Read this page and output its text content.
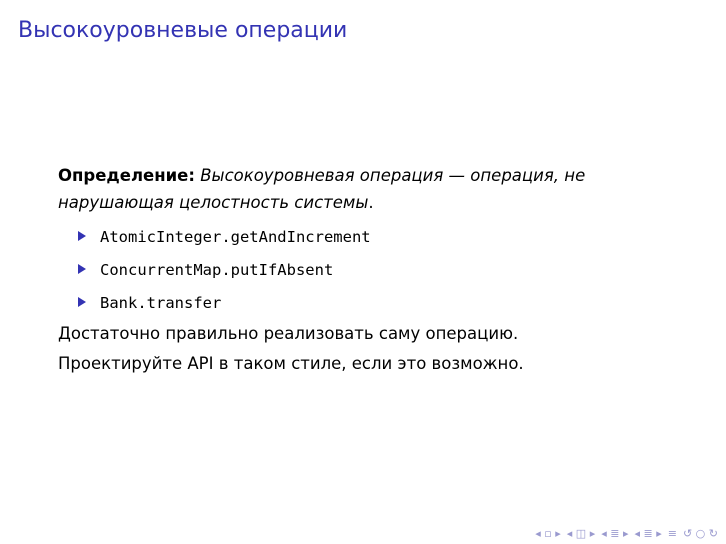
Высокоуровневые операции
Определение: Высокоуровневая операция — операция, не нарушающая целостность системы.
AtomicInteger.getAndIncrement
ConcurrentMap.putIfAbsent
Bank.transfer
Достаточно правильно реализовать саму операцию.
Проектируйте API в таком стиле, если это возможно.
◂ ▫ ▸ ◂ ◫ ▸ ◂ ≣ ▸ ◂ ≣ ▸ ≡ ↺ ○ ↻
